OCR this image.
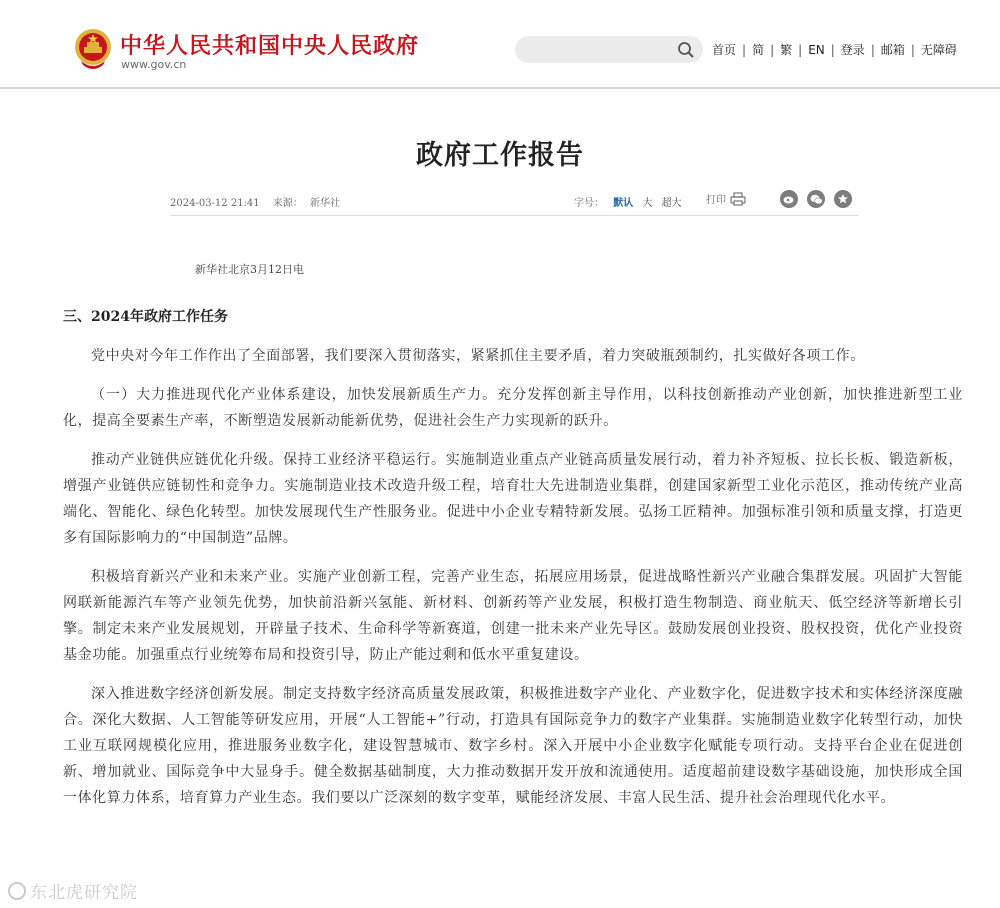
中华人民共和国中央人民政府
www.gov.cn
首页 | 简 | 繁 | EN | 登录 | 邮箱 | 无障碍
政府工作报告
2024-03-12 21:41 来源： 新华社	字号： 默认 大 超大 打印
新华社北京3月12日电
三、2024年政府工作任务

党中央对今年工作作出了全面部署，我们要深入贯彻落实，紧紧抓住主要矛盾，着力突破瓶颈制约，扎实做好各项工作。

（一）大力推进现代化产业体系建设，加快发展新质生产力。充分发挥创新主导作用，以科技创新推动产业创新，加快推进新型工业化，提高全要素生产率，不断塑造发展新动能新优势，促进社会生产力实现新的跃升。

推动产业链供应链优化升级。保持工业经济平稳运行。实施制造业重点产业链高质量发展行动，着力补齐短板、拉长长板、锻造新板，增强产业链供应链韧性和竞争力。实施制造业技术改造升级工程，培育壮大先进制造业集群，创建国家新型工业化示范区，推动传统产业高端化、智能化、绿色化转型。加快发展现代生产性服务业。促进中小企业专精特新发展。弘扬工匠精神。加强标准引领和质量支撑，打造更多有国际影响力的“中国制造”品牌。

积极培育新兴产业和未来产业。实施产业创新工程，完善产业生态，拓展应用场景，促进战略性新兴产业融合集群发展。巩固扩大智能网联新能源汽车等产业领先优势，加快前沿新兴氢能、新材料、创新药等产业发展，积极打造生物制造、商业航天、低空经济等新增长引擎。制定未来产业发展规划，开辟量子技术、生命科学等新赛道，创建一批未来产业先导区。鼓励发展创业投资、股权投资，优化产业投资基金功能。加强重点行业统筹布局和投资引导，防止产能过剩和低水平重复建设。

深入推进数字经济创新发展。制定支持数字经济高质量发展政策，积极推进数字产业化、产业数字化，促进数字技术和实体经济深度融合。深化大数据、人工智能等研发应用，开展“人工智能+”行动，打造具有国际竞争力的数字产业集群。实施制造业数字化转型行动，加快工业互联网规模化应用，推进服务业数字化，建设智慧城市、数字乡村。深入开展中小企业数字化赋能专项行动。支持平台企业在促进创新、增加就业、国际竞争中大显身手。健全数据基础制度，大力推动数据开发开放和流通使用。适度超前建设数字基础设施，加快形成全国一体化算力体系，培育算力产业生态。我们要以广泛深刻的数字变革，赋能经济发展、丰富人民生活、提升社会治理现代化水平。

东北虎研究院
